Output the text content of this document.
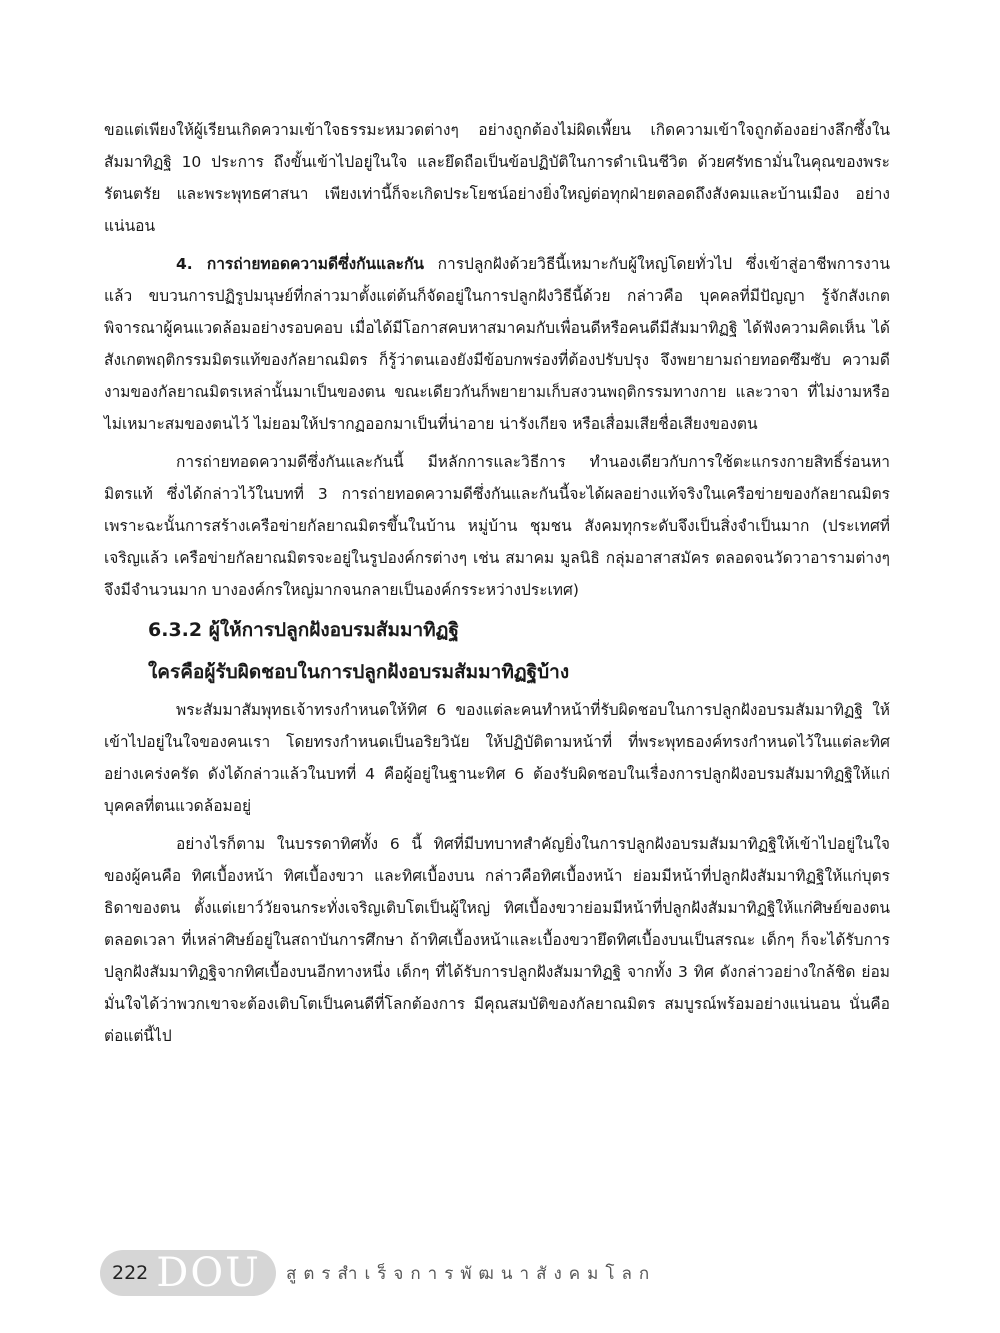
ขอแต่เพียงให้ผู้เรียนเกิดความเข้าใจธรรมะหมวดต่างๆ อย่างถูกต้องไม่ผิดเพี้ยน เกิดความเข้าใจถูกต้องอย่างลึกซึ้งในสัมมาทิฏฐิ 10 ประการ ถึงขั้นเข้าไปอยู่ในใจ และยึดถือเป็นข้อปฏิบัติในการดำเนินชีวิต ด้วยศรัทธามั่นในคุณของพระรัตนตรัย และพระพุทธศาสนา เพียงเท่านี้ก็จะเกิดประโยชน์อย่างยิ่งใหญ่ต่อทุกฝ่ายตลอดถึงสังคมและบ้านเมือง อย่างแน่นอน

4. การถ่ายทอดความดีซึ่งกันและกัน การปลูกฝังด้วยวิธีนี้เหมาะกับผู้ใหญ่โดยทั่วไป ซึ่งเข้าสู่อาชีพการงานแล้ว ขบวนการปฏิรูปมนุษย์ที่กล่าวมาตั้งแต่ต้นก็จัดอยู่ในการปลูกฝังวิธีนี้ด้วย กล่าวคือ บุคคลที่มีปัญญา รู้จักสังเกตพิจารณาผู้คนแวดล้อมอย่างรอบคอบ เมื่อได้มีโอกาสคบหาสมาคมกับเพื่อนดีหรือคนดีมีสัมมาทิฏฐิ ได้ฟังความคิดเห็น ได้สังเกตพฤติกรรมมิตรแท้ของกัลยาณมิตร ก็รู้ว่าตนเองยังมีข้อบกพร่องที่ต้องปรับปรุง จึงพยายามถ่ายทอดซึมซับ ความดีงามของกัลยาณมิตรเหล่านั้นมาเป็นของตน ขณะเดียวกันก็พยายามเก็บสงวนพฤติกรรมทางกาย และวาจา ที่ไม่งามหรือไม่เหมาะสมของตนไว้ ไม่ยอมให้ปรากฏออกมาเป็นที่น่าอาย น่ารังเกียจ หรือเสื่อมเสียชื่อเสียงของตน

การถ่ายทอดความดีซึ่งกันและกันนี้ มีหลักการและวิธีการ ทำนองเดียวกับการใช้ตะแกรงกายสิทธิ์ร่อนหามิตรแท้ ซึ่งได้กล่าวไว้ในบทที่ 3 การถ่ายทอดความดีซึ่งกันและกันนี้จะได้ผลอย่างแท้จริงในเครือข่ายของกัลยาณมิตร เพราะฉะนั้นการสร้างเครือข่ายกัลยาณมิตรขึ้นในบ้าน หมู่บ้าน ชุมชน สังคมทุกระดับจึงเป็นสิ่งจำเป็นมาก (ประเทศที่เจริญแล้ว เครือข่ายกัลยาณมิตรจะอยู่ในรูปองค์กรต่างๆ เช่น สมาคม มูลนิธิ กลุ่มอาสาสมัคร ตลอดจนวัดวาอารามต่างๆ จึงมีจำนวนมาก บางองค์กรใหญ่มากจนกลายเป็นองค์กรระหว่างประเทศ)

6.3.2 ผู้ให้การปลูกฝังอบรมสัมมาทิฏฐิ
ใครคือผู้รับผิดชอบในการปลูกฝังอบรมสัมมาทิฏฐิบ้าง

พระสัมมาสัมพุทธเจ้าทรงกำหนดให้ทิศ 6 ของแต่ละคนทำหน้าที่รับผิดชอบในการปลูกฝังอบรมสัมมาทิฏฐิ ให้เข้าไปอยู่ในใจของคนเรา โดยทรงกำหนดเป็นอริยวินัย ให้ปฏิบัติตามหน้าที่ ที่พระพุทธองค์ทรงกำหนดไว้ในแต่ละทิศอย่างเคร่งครัด ดังได้กล่าวแล้วในบทที่ 4 คือผู้อยู่ในฐานะทิศ 6 ต้องรับผิดชอบในเรื่องการปลูกฝังอบรมสัมมาทิฏฐิให้แก่บุคคลที่ตนแวดล้อมอยู่

อย่างไรก็ตาม ในบรรดาทิศทั้ง 6 นี้ ทิศที่มีบทบาทสำคัญยิ่งในการปลูกฝังอบรมสัมมาทิฏฐิให้เข้าไปอยู่ในใจของผู้คนคือ ทิศเบื้องหน้า ทิศเบื้องขวา และทิศเบื้องบน กล่าวคือทิศเบื้องหน้า ย่อมมีหน้าที่ปลูกฝังสัมมาทิฏฐิให้แก่บุตรธิดาของตน ตั้งแต่เยาว์วัยจนกระทั่งเจริญเติบโตเป็นผู้ใหญ่ ทิศเบื้องขวาย่อมมีหน้าที่ปลูกฝังสัมมาทิฏฐิให้แก่ศิษย์ของตนตลอดเวลา ที่เหล่าศิษย์อยู่ในสถาบันการศึกษา ถ้าทิศเบื้องหน้าและเบื้องขวายึดทิศเบื้องบนเป็นสรณะ เด็กๆ ก็จะได้รับการปลูกฝังสัมมาทิฏฐิจากทิศเบื้องบนอีกทางหนึ่ง เด็กๆ ที่ได้รับการปลูกฝังสัมมาทิฏฐิ จากทั้ง 3 ทิศ ดังกล่าวอย่างใกล้ชิด ย่อมมั่นใจได้ว่าพวกเขาจะต้องเติบโตเป็นคนดีที่โลกต้องการ มีคุณสมบัติของกัลยาณมิตร สมบูรณ์พร้อมอย่างแน่นอน นั่นคือต่อแต่นี้ไป

222 DOU สูตรสำเร็จการพัฒนาสังคมโลก
